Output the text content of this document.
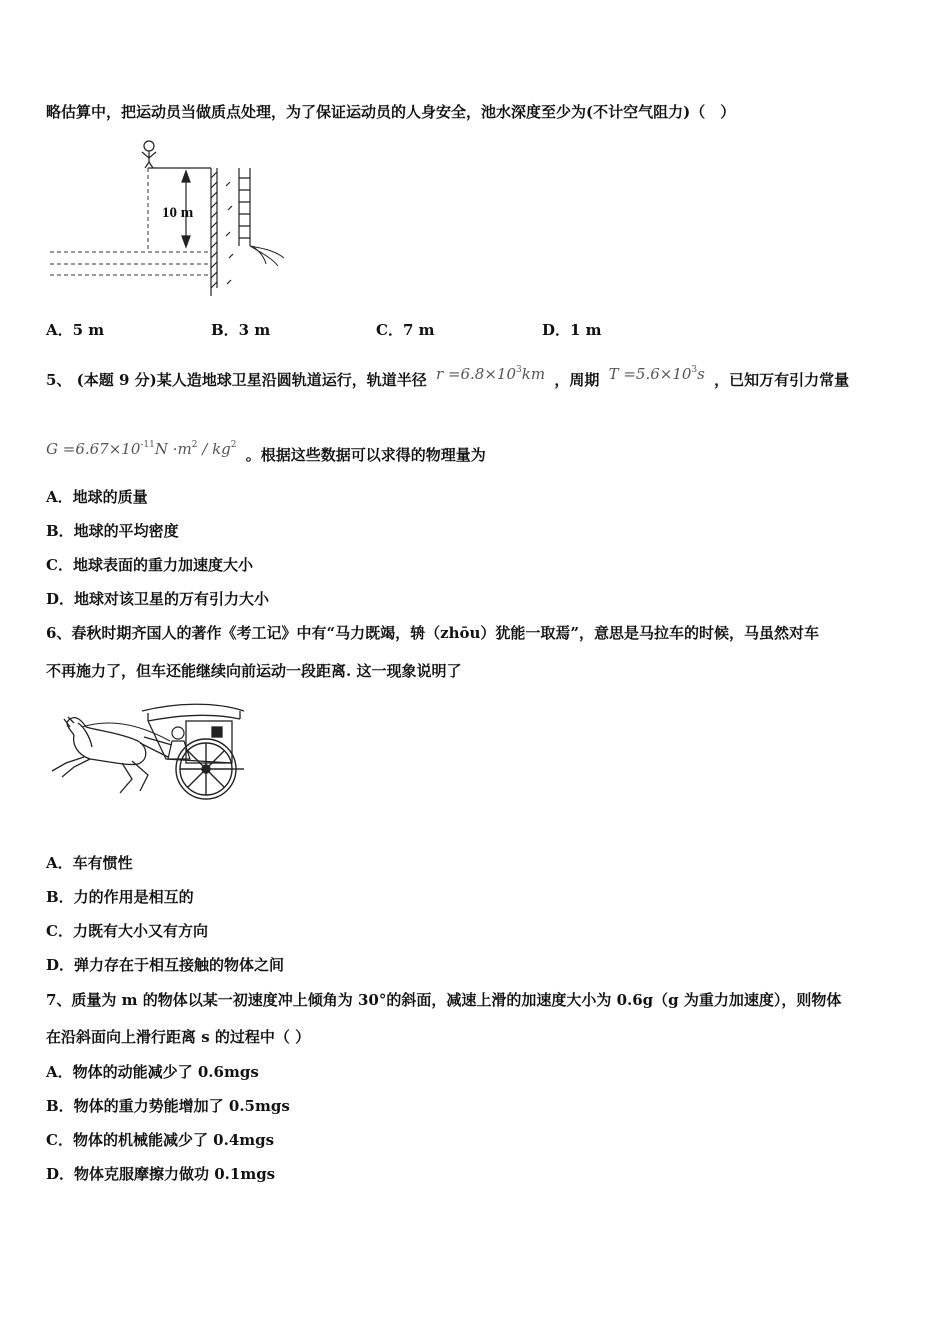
略估算中，把运动员当做质点处理，为了保证运动员的人身安全，池水深度至少为(不计空气阻力)（　）
10 m
A．5 m	B．3 m	C．7 m	D．1 m
5、 (本题 9 分)某人造地球卫星沿圆轨道运行，轨道半径 $r =6.8\times 10^3km$ ，周期 $T =5.6\times 10^3s$ ，已知万有引力常量
$G =6.67\times 10^{-11}N \cdot m^2 / kg^2$ 。根据这些数据可以求得的物理量为
A．地球的质量
B．地球的平均密度
C．地球表面的重力加速度大小
D．地球对该卫星的万有引力大小
6、春秋时期齐国人的著作《考工记》中有“马力既竭，辀（zhōu）犹能一取焉”，意思是马拉车的时候，马虽然对车
不再施力了，但车还能继续向前运动一段距离. 这一现象说明了
A．车有惯性
B．力的作用是相互的
C．力既有大小又有方向
D．弹力存在于相互接触的物体之间
7、质量为 m 的物体以某一初速度冲上倾角为 30°的斜面，减速上滑的加速度大小为 0.6g（g 为重力加速度），则物体
在沿斜面向上滑行距离 s 的过程中（ ）
A．物体的动能减少了 0.6mgs
B．物体的重力势能增加了 0.5mgs
C．物体的机械能减少了 0.4mgs
D．物体克服摩擦力做功 0.1mgs
